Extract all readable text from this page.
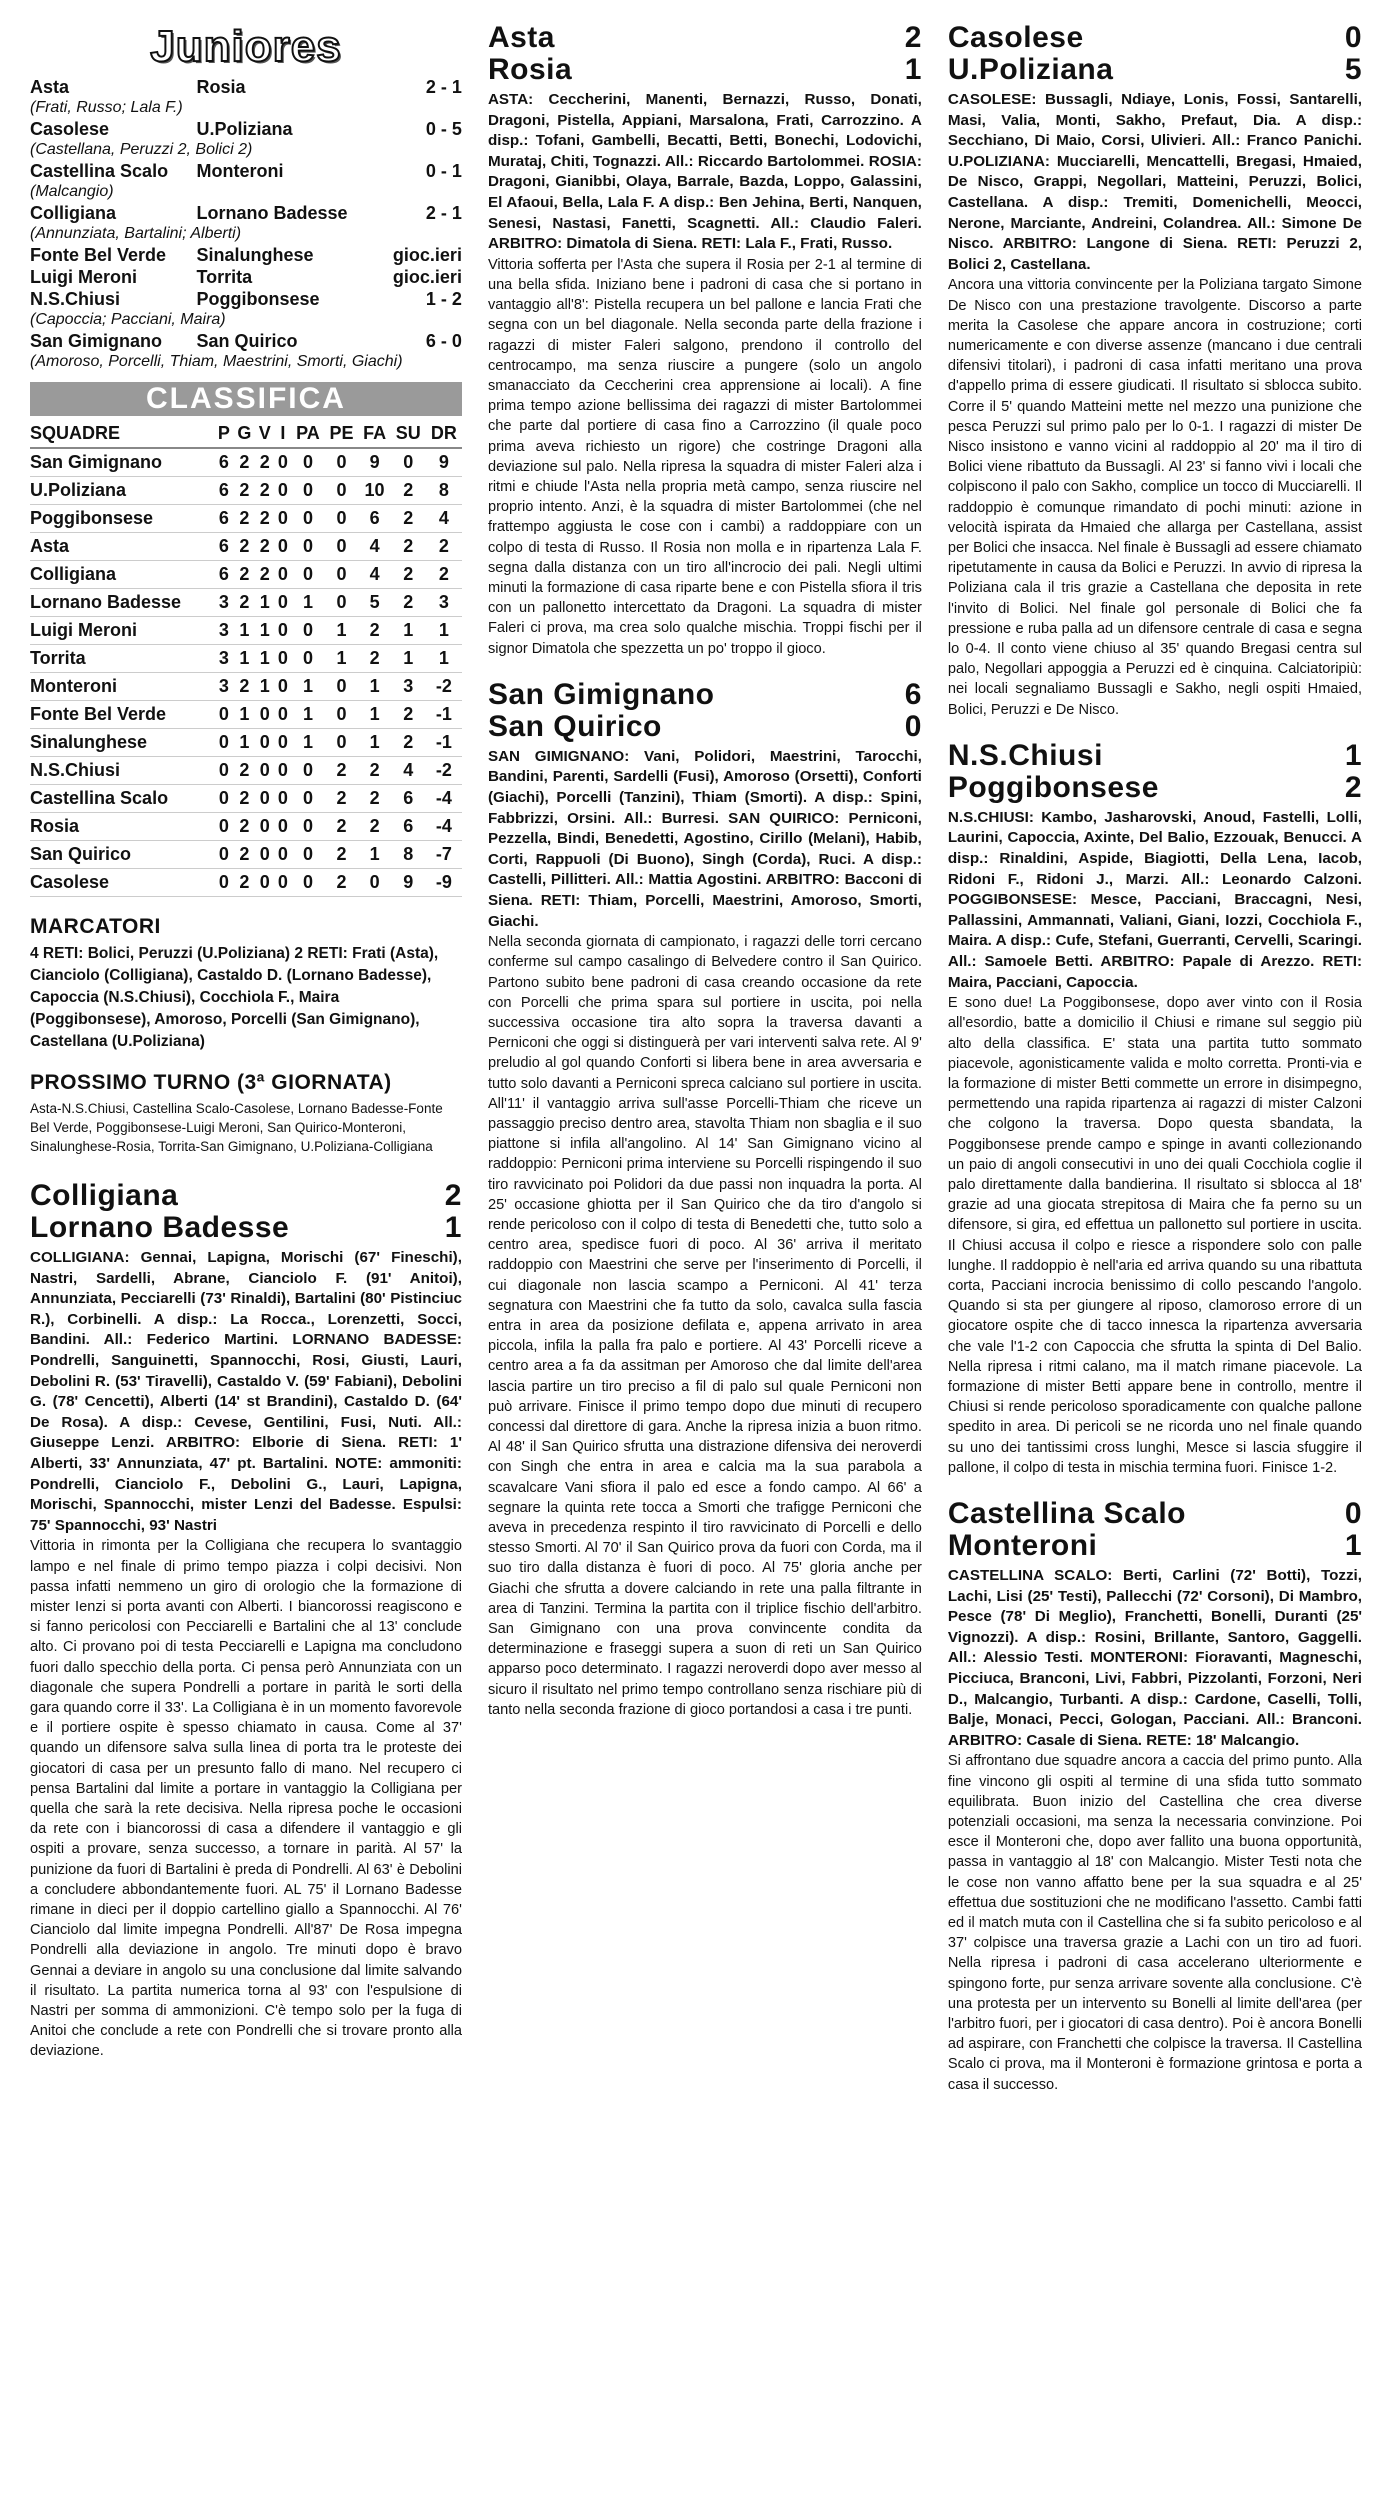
Juniores
Asta	Rosia	2 - 1
(Frati, Russo; Lala F.)		
Casolese	U.Poliziana	0 - 5
(Castellana, Peruzzi 2, Bolici 2)		
Castellina Scalo	Monteroni	0 - 1
(Malcangio)		
Colligiana	Lornano Badesse	2 - 1
(Annunziata, Bartalini; Alberti)		
Fonte Bel Verde	Sinalunghese	gioc.ieri
Luigi Meroni	Torrita	gioc.ieri
N.S.Chiusi	Poggibonsese	1 - 2
(Capoccia; Pacciani, Maira)		
San Gimignano	San Quirico	6 - 0
(Amoroso, Porcelli, Thiam, Maestrini, Smorti, Giachi)		
CLASSIFICA
SQUADRE	P	G	V	I	PA	PE	FA	SU	DR
San Gimignano	6	2	2	0	0	0	9	0	9
U.Poliziana	6	2	2	0	0	0	10	2	8
Poggibonsese	6	2	2	0	0	0	6	2	4
Asta	6	2	2	0	0	0	4	2	2
Colligiana	6	2	2	0	0	0	4	2	2
Lornano Badesse	3	2	1	0	1	0	5	2	3
Luigi Meroni	3	1	1	0	0	1	2	1	1
Torrita	3	1	1	0	0	1	2	1	1
Monteroni	3	2	1	0	1	0	1	3	-2
Fonte Bel Verde	0	1	0	0	1	0	1	2	-1
Sinalunghese	0	1	0	0	1	0	1	2	-1
N.S.Chiusi	0	2	0	0	0	2	2	4	-2
Castellina Scalo	0	2	0	0	0	2	2	6	-4
Rosia	0	2	0	0	0	2	2	6	-4
San Quirico	0	2	0	0	0	2	1	8	-7
Casolese	0	2	0	0	0	2	0	9	-9
MARCATORI

4 RETI: Bolici, Peruzzi (U.Poliziana) 2 RETI: Frati (Asta), Cianciolo (Colligiana), Castaldo D. (Lornano Badesse), Capoccia (N.S.Chiusi), Cocchiola F., Maira (Poggibonsese), Amoroso, Porcelli (San Gimignano), Castellana (U.Poliziana)

PROSSIMO TURNO (3ª GIORNATA)

Asta-N.S.Chiusi, Castellina Scalo-Casolese, Lornano Badesse-Fonte Bel Verde, Poggibonsese-Luigi Meroni, San Quirico-Monteroni, Sinalunghese-Rosia, Torrita-San Gimignano, U.Poliziana-Colligiana

Colligiana	2
Lornano Badesse	1

COLLIGIANA: Gennai, Lapigna, Morischi (67' Fineschi), Nastri, Sardelli, Abrane, Cianciolo F. (91' Anitoi), Annunziata, Pecciarelli (73' Rinaldi), Bartalini (80' Pistinciuc R.), Corbinelli. A disp.: La Rocca., Lorenzetti, Socci, Bandini. All.: Federico Martini. LORNANO BADESSE: Pondrelli, Sanguinetti, Spannocchi, Rosi, Giusti, Lauri, Debolini R. (53' Tiravelli), Castaldo V. (59' Fabiani), Debolini G. (78' Cencetti), Alberti (14' st Brandini), Castaldo D. (64' De Rosa). A disp.: Cevese, Gentilini, Fusi, Nuti. All.: Giuseppe Lenzi. ARBITRO: Elborie di Siena. RETI: 1' Alberti, 33' Annunziata, 47' pt. Bartalini. NOTE: ammoniti: Pondrelli, Cianciolo F., Debolini G., Lauri, Lapigna, Morischi, Spannocchi, mister Lenzi del Badesse. Espulsi: 75' Spannocchi, 93' Nastri

Vittoria in rimonta per la Colligiana che recupera lo svantaggio lampo e nel finale di primo tempo piazza i colpi decisivi. Non passa infatti nemmeno un giro di orologio che la formazione di mister Ienzi si porta avanti con Alberti. I biancorossi reagiscono e si fanno pericolosi con Pecciarelli e Bartalini che al 13' conclude alto. Ci provano poi di testa Pecciarelli e Lapigna ma concludono fuori dallo specchio della porta. Ci pensa però Annunziata con un diagonale che supera Pondrelli a portare in parità le sorti della gara quando corre il 33'. La Colligiana è in un momento favorevole e il portiere ospite è spesso chiamato in causa. Come al 37' quando un difensore salva sulla linea di porta tra le proteste dei giocatori di casa per un presunto fallo di mano. Nel recupero ci pensa Bartalini dal limite a portare in vantaggio la Colligiana per quella che sarà la rete decisiva. Nella ripresa poche le occasioni da rete con i biancorossi di casa a difendere il vantaggio e gli ospiti a provare, senza successo, a tornare in parità. Al 57' la punizione da fuori di Bartalini è preda di Pondrelli. Al 63' è Debolini a concludere abbondantemente fuori. AL 75' il Lornano Badesse rimane in dieci per il doppio cartellino giallo a Spannocchi. Al 76' Cianciolo dal limite impegna Pondrelli. All'87' De Rosa impegna Pondrelli alla deviazione in angolo. Tre minuti dopo è bravo Gennai a deviare in angolo su una conclusione dal limite salvando il risultato. La partita numerica torna al 93' con l'espulsione di Nastri per somma di ammonizioni. C'è tempo solo per la fuga di Anitoi che conclude a rete con Pondrelli che si trovare pronto alla deviazione.

Asta	2
Rosia	1

ASTA: Ceccherini, Manenti, Bernazzi, Russo, Donati, Dragoni, Pistella, Appiani, Marsalona, Frati, Carrozzino. A disp.: Tofani, Gambelli, Becatti, Betti, Bonechi, Lodovichi, Murataj, Chiti, Tognazzi. All.: Riccardo Bartolommei. ROSIA: Dragoni, Gianibbi, Olaya, Barrale, Bazda, Loppo, Galassini, El Afaoui, Bella, Lala F. A disp.: Ben Jehina, Berti, Nanquen, Senesi, Nastasi, Fanetti, Scagnetti. All.: Claudio Faleri. ARBITRO: Dimatola di Siena. RETI: Lala F., Frati, Russo.

Vittoria sofferta per l'Asta che supera il Rosia per 2-1 al termine di una bella sfida. Iniziano bene i padroni di casa che si portano in vantaggio all'8': Pistella recupera un bel pallone e lancia Frati che segna con un bel diagonale. Nella seconda parte della frazione i ragazzi di mister Faleri salgono, prendono il controllo del centrocampo, ma senza riuscire a pungere (solo un angolo smanacciato da Ceccherini crea apprensione ai locali). A fine prima tempo azione bellissima dei ragazzi di mister Bartolommei che parte dal portiere di casa fino a Carrozzino (il quale poco prima aveva richiesto un rigore) che costringe Dragoni alla deviazione sul palo. Nella ripresa la squadra di mister Faleri alza i ritmi e chiude l'Asta nella propria metà campo, senza riuscire nel proprio intento. Anzi, è la squadra di mister Bartolommei (che nel frattempo aggiusta le cose con i cambi) a raddoppiare con un colpo di testa di Russo. Il Rosia non molla e in ripartenza Lala F. segna dalla distanza con un tiro all'incrocio dei pali. Negli ultimi minuti la formazione di casa riparte bene e con Pistella sfiora il tris con un pallonetto intercettato da Dragoni. La squadra di mister Faleri ci prova, ma crea solo qualche mischia. Troppi fischi per il signor Dimatola che spezzetta un po' troppo il gioco.

San Gimignano	6
San Quirico	0

SAN GIMIGNANO: Vani, Polidori, Maestrini, Tarocchi, Bandini, Parenti, Sardelli (Fusi), Amoroso (Orsetti), Conforti (Giachi), Porcelli (Tanzini), Thiam (Smorti). A disp.: Spini, Fabbrizzi, Orsini. All.: Burresi. SAN QUIRICO: Perniconi, Pezzella, Bindi, Benedetti, Agostino, Cirillo (Melani), Habib, Corti, Rappuoli (Di Buono), Singh (Corda), Ruci. A disp.: Castelli, Pillitteri. All.: Mattia Agostini. ARBITRO: Bacconi di Siena. RETI: Thiam, Porcelli, Maestrini, Amoroso, Smorti, Giachi.

Nella seconda giornata di campionato, i ragazzi delle torri cercano conferme sul campo casalingo di Belvedere contro il San Quirico. Partono subito bene padroni di casa creando occasione da rete con Porcelli che prima spara sul portiere in uscita, poi nella successiva occasione tira alto sopra la traversa davanti a Perniconi che oggi si distinguerà per vari interventi salva rete. Al 9' preludio al gol quando Conforti si libera bene in area avversaria e tutto solo davanti a Perniconi spreca calciano sul portiere in uscita. All'11' il vantaggio arriva sull'asse Porcelli-Thiam che riceve un passaggio preciso dentro area, stavolta Thiam non sbaglia e il suo piattone si infila all'angolino. Al 14' San Gimignano vicino al raddoppio: Perniconi prima interviene su Porcelli rispingendo il suo tiro ravvicinato poi Polidori da due passi non inquadra la porta. Al 25' occasione ghiotta per il San Quirico che da tiro d'angolo si rende pericoloso con il colpo di testa di Benedetti che, tutto solo a centro area, spedisce fuori di poco. Al 36' arriva il meritato raddoppio con Maestrini che serve per l'inserimento di Porcelli, il cui diagonale non lascia scampo a Perniconi. Al 41' terza segnatura con Maestrini che fa tutto da solo, cavalca sulla fascia entra in area da posizione defilata e, appena arrivato in area piccola, infila la palla fra palo e portiere. Al 43' Porcelli riceve a centro area a fa da assitman per Amoroso che dal limite dell'area lascia partire un tiro preciso a fil di palo sul quale Perniconi non può arrivare. Finisce il primo tempo dopo due minuti di recupero concessi dal direttore di gara. Anche la ripresa inizia a buon ritmo. Al 48' il San Quirico sfrutta una distrazione difensiva dei neroverdi con Singh che entra in area e calcia ma la sua parabola a scavalcare Vani sfiora il palo ed esce a fondo campo. Al 66' a segnare la quinta rete tocca a Smorti che trafigge Perniconi che aveva in precedenza respinto il tiro ravvicinato di Porcelli e dello stesso Smorti. Al 70' il San Quirico prova da fuori con Corda, ma il suo tiro dalla distanza è fuori di poco. Al 75' gloria anche per Giachi che sfrutta a dovere calciando in rete una palla filtrante in area di Tanzini. Termina la partita con il triplice fischio dell'arbitro. San Gimignano con una prova convincente condita da determinazione e fraseggi supera a suon di reti un San Quirico apparso poco determinato. I ragazzi neroverdi dopo aver messo al sicuro il risultato nel primo tempo controllano senza rischiare più di tanto nella seconda frazione di gioco portandosi a casa i tre punti.

Casolese	0
U.Poliziana	5

CASOLESE: Bussagli, Ndiaye, Lonis, Fossi, Santarelli, Masi, Valia, Monti, Sakho, Prefaut, Dia. A disp.: Secchiano, Di Maio, Corsi, Ulivieri. All.: Franco Panichi. U.POLIZIANA: Mucciarelli, Mencattelli, Bregasi, Hmaied, De Nisco, Grappi, Negollari, Matteini, Peruzzi, Bolici, Castellana. A disp.: Tremiti, Domenichelli, Meocci, Nerone, Marciante, Andreini, Colandrea. All.: Simone De Nisco. ARBITRO: Langone di Siena. RETI: Peruzzi 2, Bolici 2, Castellana.

Ancora una vittoria convincente per la Poliziana targato Simone De Nisco con una prestazione travolgente. Discorso a parte merita la Casolese che appare ancora in costruzione; corti numericamente e con diverse assenze (mancano i due centrali difensivi titolari), i padroni di casa infatti meritano una prova d'appello prima di essere giudicati. Il risultato si sblocca subito. Corre il 5' quando Matteini mette nel mezzo una punizione che pesca Peruzzi sul primo palo per lo 0-1. I ragazzi di mister De Nisco insistono e vanno vicini al raddoppio al 20' ma il tiro di Bolici viene ribattuto da Bussagli. Al 23' si fanno vivi i locali che colpiscono il palo con Sakho, complice un tocco di Mucciarelli. Il raddoppio è comunque rimandato di pochi minuti: azione in velocità ispirata da Hmaied che allarga per Castellana, assist per Bolici che insacca. Nel finale è Bussagli ad essere chiamato ripetutamente in causa da Bolici e Peruzzi. In avvio di ripresa la Poliziana cala il tris grazie a Castellana che deposita in rete l'invito di Bolici. Nel finale gol personale di Bolici che fa pressione e ruba palla ad un difensore centrale di casa e segna lo 0-4. Il conto viene chiuso al 35' quando Bregasi centra sul palo, Negollari appoggia a Peruzzi ed è cinquina. Calciatoripiù: nei locali segnaliamo Bussagli e Sakho, negli ospiti Hmaied, Bolici, Peruzzi e De Nisco.

N.S.Chiusi	1
Poggibonsese	2

N.S.CHIUSI: Kambo, Jasharovski, Anoud, Fastelli, Lolli, Laurini, Capoccia, Axinte, Del Balio, Ezzouak, Benucci. A disp.: Rinaldini, Aspide, Biagiotti, Della Lena, Iacob, Ridoni F., Ridoni J., Marzi. All.: Leonardo Calzoni. POGGIBONSESE: Mesce, Pacciani, Braccagni, Nesi, Pallassini, Ammannati, Valiani, Giani, Iozzi, Cocchiola F., Maira. A disp.: Cufe, Stefani, Guerranti, Cervelli, Scaringi. All.: Samoele Betti. ARBITRO: Papale di Arezzo. RETI: Maira, Pacciani, Capoccia.

E sono due! La Poggibonsese, dopo aver vinto con il Rosia all'esordio, batte a domicilio il Chiusi e rimane sul seggio più alto della classifica. E' stata una partita tutto sommato piacevole, agonisticamente valida e molto corretta. Pronti-via e la formazione di mister Betti commette un errore in disimpegno, permettendo una rapida ripartenza ai ragazzi di mister Calzoni che colgono la traversa. Dopo questa sbandata, la Poggibonsese prende campo e spinge in avanti collezionando un paio di angoli consecutivi in uno dei quali Cocchiola coglie il palo direttamente dalla bandierina. Il risultato si sblocca al 18' grazie ad una giocata strepitosa di Maira che fa perno su un difensore, si gira, ed effettua un pallonetto sul portiere in uscita. Il Chiusi accusa il colpo e riesce a rispondere solo con palle lunghe. Il raddoppio è nell'aria ed arriva quando su una ribattuta corta, Pacciani incrocia benissimo di collo pescando l'angolo. Quando si sta per giungere al riposo, clamoroso errore di un giocatore ospite che di tacco innesca la ripartenza avversaria che vale l'1-2 con Capoccia che sfrutta la spinta di Del Balio. Nella ripresa i ritmi calano, ma il match rimane piacevole. La formazione di mister Betti appare bene in controllo, mentre il Chiusi si rende pericoloso sporadicamente con qualche pallone spedito in area. Di pericoli se ne ricorda uno nel finale quando su uno dei tantissimi cross lunghi, Mesce si lascia sfuggire il pallone, il colpo di testa in mischia termina fuori. Finisce 1-2.

Castellina Scalo	0
Monteroni	1

CASTELLINA SCALO: Berti, Carlini (72' Botti), Tozzi, Lachi, Lisi (25' Testi), Pallecchi (72' Corsoni), Di Mambro, Pesce (78' Di Meglio), Franchetti, Bonelli, Duranti (25' Vignozzi). A disp.: Rosini, Brillante, Santoro, Gaggelli. All.: Alessio Testi. MONTERONI: Fioravanti, Magneschi, Picciuca, Branconi, Livi, Fabbri, Pizzolanti, Forzoni, Neri D., Malcangio, Turbanti. A disp.: Cardone, Caselli, Tolli, Balje, Monaci, Pecci, Gologan, Pacciani. All.: Branconi. ARBITRO: Casale di Siena. RETE: 18' Malcangio.

Si affrontano due squadre ancora a caccia del primo punto. Alla fine vincono gli ospiti al termine di una sfida tutto sommato equilibrata. Buon inizio del Castellina che crea diverse potenziali occasioni, ma senza la necessaria convinzione. Poi esce il Monteroni che, dopo aver fallito una buona opportunità, passa in vantaggio al 18' con Malcangio. Mister Testi nota che le cose non vanno affatto bene per la sua squadra e al 25' effettua due sostituzioni che ne modificano l'assetto. Cambi fatti ed il match muta con il Castellina che si fa subito pericoloso e al 37' colpisce una traversa grazie a Lachi con un tiro ad fuori. Nella ripresa i padroni di casa accelerano ulteriormente e spingono forte, pur senza arrivare sovente alla conclusione. C'è una protesta per un intervento su Bonelli al limite dell'area (per l'arbitro fuori, per i giocatori di casa dentro). Poi è ancora Bonelli ad aspirare, con Franchetti che colpisce la traversa. Il Castellina Scalo ci prova, ma il Monteroni è formazione grintosa e porta a casa il successo.
